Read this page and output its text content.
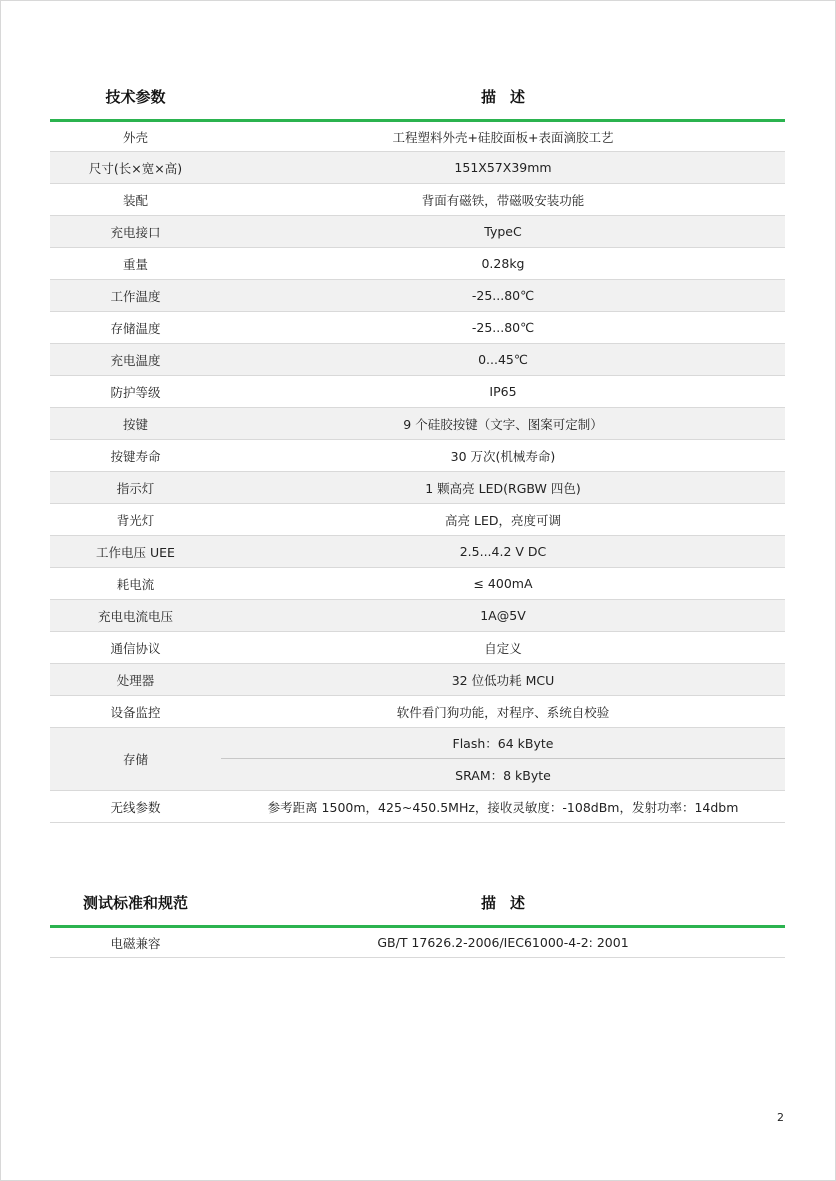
技术参数	描述
外壳	工程塑料外壳+硅胶面板+表面滴胶工艺
尺寸(长×宽×高)	151X57X39mm
装配	背面有磁铁，带磁吸安装功能
充电接口	TypeC
重量	0.28kg
工作温度	-25...80℃
存储温度	-25...80℃
充电温度	0...45℃
防护等级	IP65
按键	9 个硅胶按键（文字、图案可定制）
按键寿命	30 万次(机械寿命)
指示灯	1 颗高亮 LED(RGBW 四色)
背光灯	高亮 LED，亮度可调
工作电压 UEE	2.5...4.2 V DC
耗电流	≤ 400mA
充电电流电压	1A@5V
通信协议	自定义
处理器	32 位低功耗 MCU
设备监控	软件看门狗功能，对程序、系统自校验
存储	Flash：64 kByte
	SRAM：8 kByte
无线参数	参考距离 1500m，425~450.5MHz，接收灵敏度：-108dBm，发射功率：14dbm
测试标准和规范	描述
电磁兼容	GB/T 17626.2-2006/IEC61000-4-2: 2001
2
